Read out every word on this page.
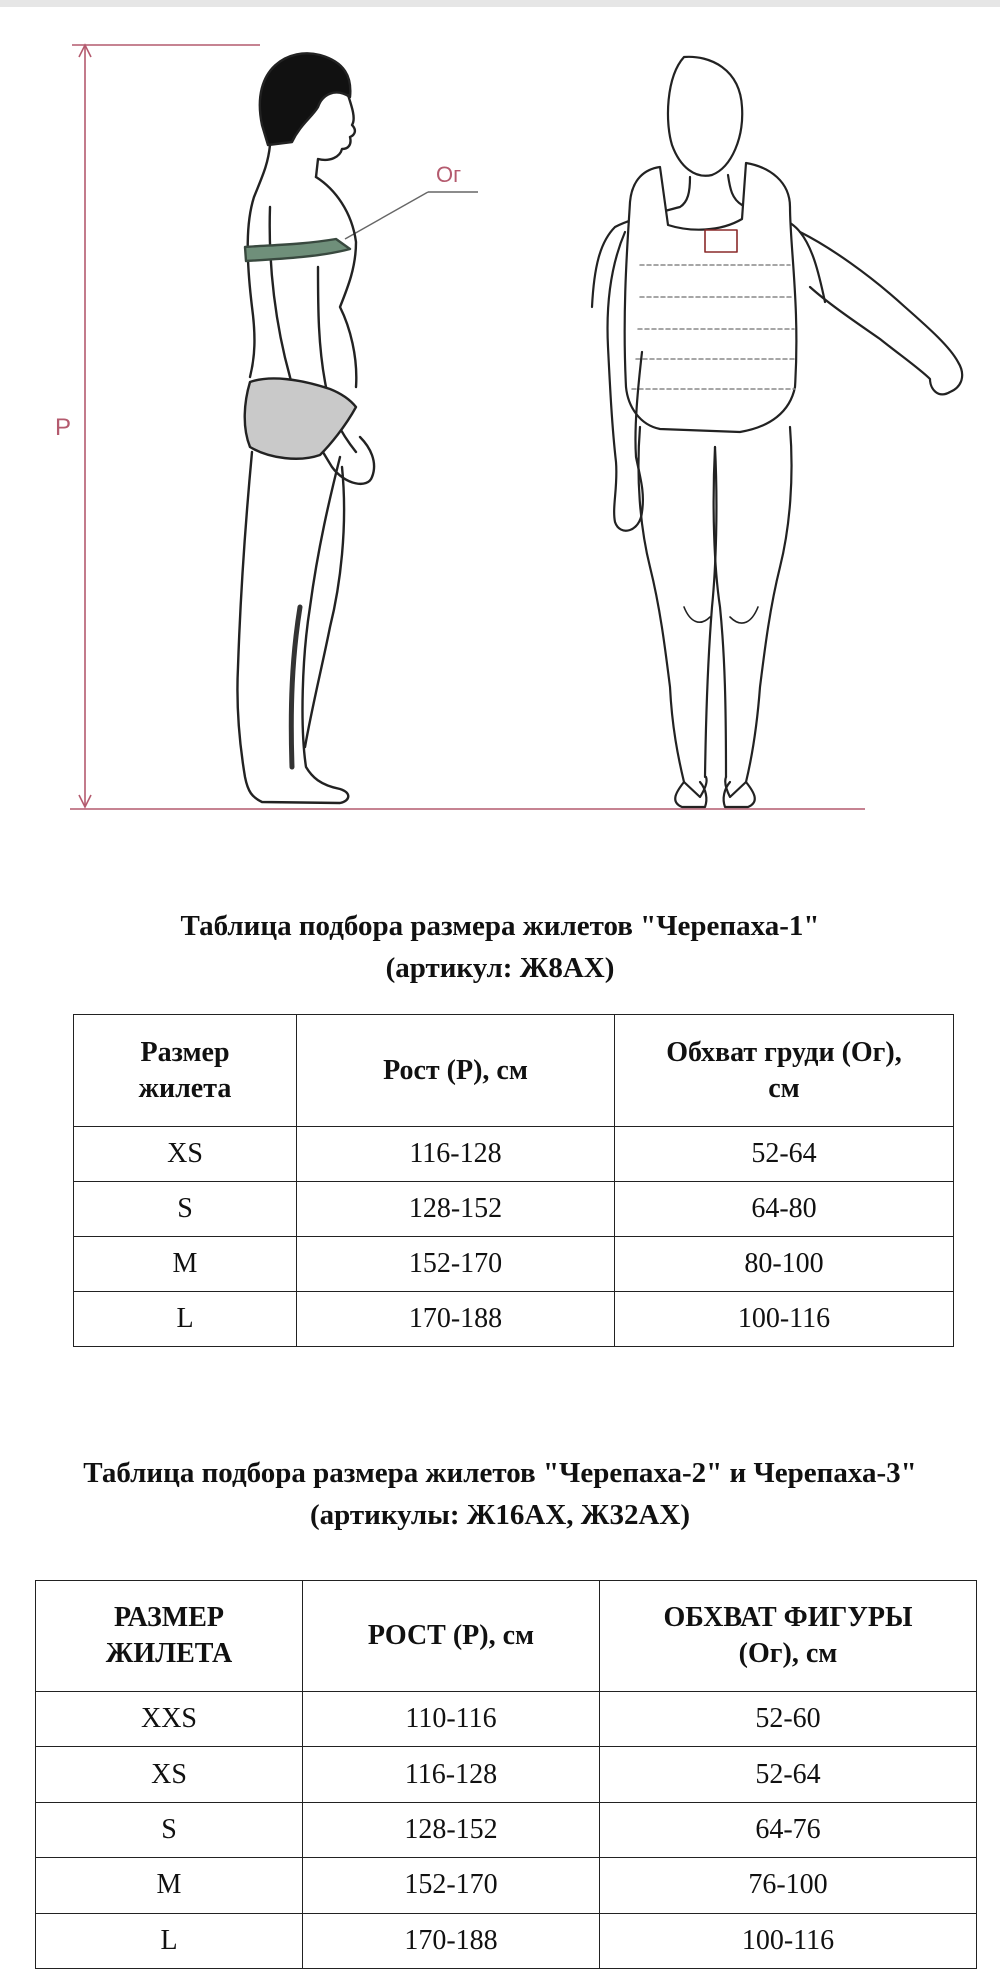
P
Ог
Таблица подбора размера жилетов "Черепаха-1"
(артикул: Ж8АХ)
Размер
жилета	Рост (Р), см	Обхват груди (Ог),
см

XS	116-128	52-64
S	128-152	64-80
M	152-170	80-100
L	170-188	100-116
Таблица подбора размера жилетов "Черепаха-2" и Черепаха-3"
(артикулы: Ж16АХ, Ж32АХ)
РАЗМЕР
ЖИЛЕТА	РОСТ (Р), см	ОБХВАТ ФИГУРЫ
(Ог), см

XXS	110-116	52-60
XS	116-128	52-64
S	128-152	64-76
M	152-170	76-100
L	170-188	100-116
